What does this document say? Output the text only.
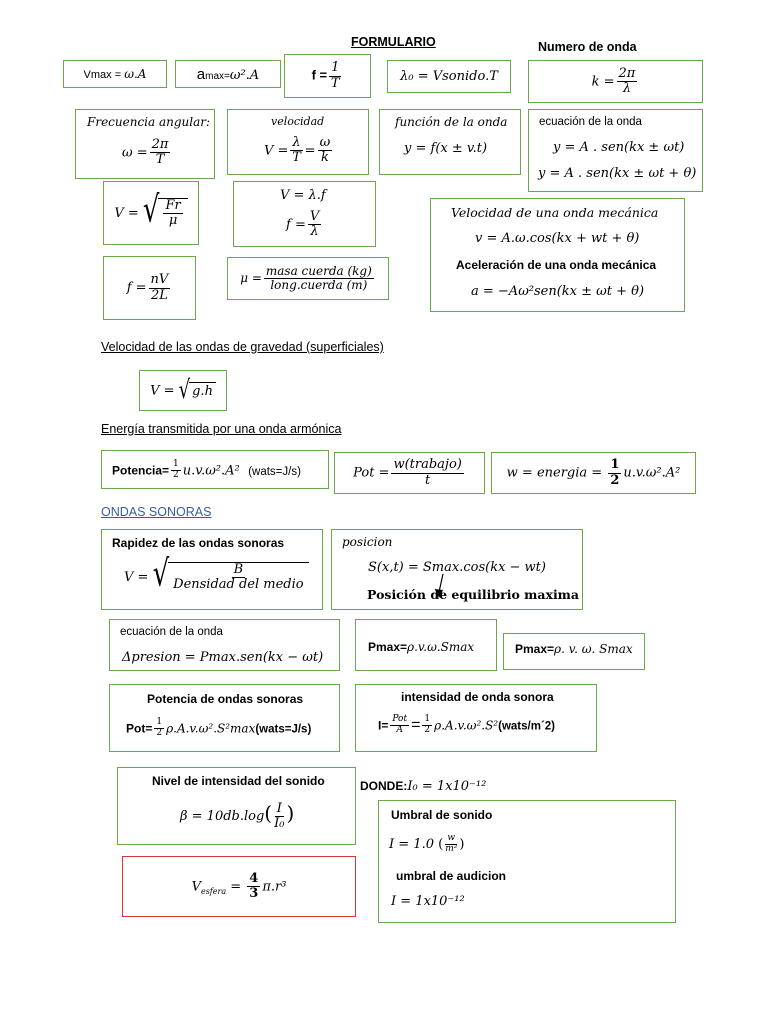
FORMULARIO	Numero de onda
Vmax = ω.A	amax=ω².A	$f = \frac{1}{T}$	λ₀ = Vsonido.T	$k = \frac{2\pi}{\lambda}$
Frecuencia angular:
$\omega = \frac{2\pi}{T}$
velocidad
$V = \frac{\lambda}{T} = \frac{\omega}{k}$
función de la onda
y = f(x ± v.t)
ecuación de la onda
y = A . sen(kx ± ωt)
y = A . sen(kx ± ωt + θ)
V = √ $\frac{Fr}{\mu}$
V = λ.f
$f = \frac{V}{\lambda}$	Velocidad de una onda mecánica
v = A.ω.cos(kx + wt + θ)
Aceleración de una onda mecánica
a = −Aω²sen(kx ± ωt + θ)
$f = \frac{nV}{2L}$	μ =
masa cuerda (kg)
long.cuerda (m)
Velocidad de las ondas de gravedad (superficiales)
V = √ g.h
Energía transmitida por una onda armónica
Potencia= $\frac{1}{2} u.v.\omega^2.A^2$ (wats=J/s)	Pot =
w(trabajo)
t	w = energia = $\frac{1}{2} u.v.\omega^2.A^2$
ONDAS SONORAS
Rapidez de las ondas sonoras
V = √	B
Densidad del medio
posicion
S(x,t) = Smax.cos(kx − wt)
Posición de equilibrio maxima
ecuación de la onda
Δpresion = Pmax.sen(kx − ωt)
Pmax=ρ.v.ω.Smax	Pmax=ρ. v. ω. Smax
Potencia de ondas sonoras
$Pot= \frac{1}{2}$ ρ.A.v.ω².S²max(wats=J/s)
intensidad de onda sonora
I= Pot
$A = \frac{1}{2}$ ρ.A.v.ω².S²(wats/m´2)
Nivel de intensidad del sonido
$\beta = 10db.\log( \frac{I}{\text{I₀}}$ )
DONDE:I₀ = 1x10⁻¹²
Umbral de sonido
I = 1.0 ( $\frac{w}{\text{m²}}$ )
umbral de audicion
I = 1x10⁻¹²
$V_{esfera} = \frac{4}{3} \pi.r^3$
